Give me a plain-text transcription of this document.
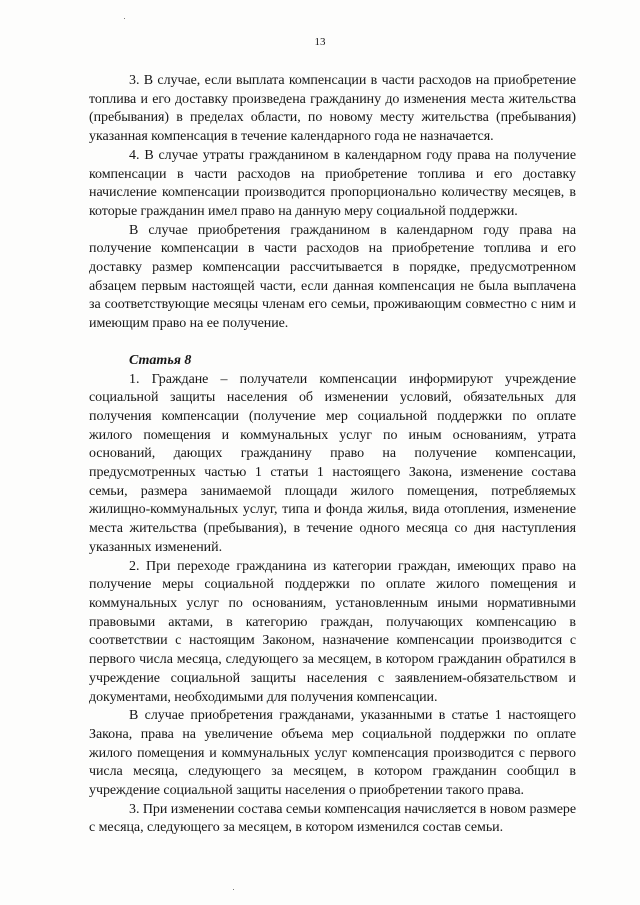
13

3. В случае, если выплата компенсации в части расходов на приобретение топлива и его доставку произведена гражданину до изменения места жительства (пребывания) в пределах области, по новому месту жительства (пребывания) указанная компенсация в течение календарного года не назначается.

4. В случае утраты гражданином в календарном году права на получение компенсации в части расходов на приобретение топлива и его доставку начисление компенсации производится пропорционально количеству месяцев, в которые гражданин имел право на данную меру социальной поддержки.

В случае приобретения гражданином в календарном году права на получение компенсации в части расходов на приобретение топлива и его доставку размер компенсации рассчитывается в порядке, предусмотренном абзацем первым настоящей части, если данная компенсация не была выплачена за соответствующие месяцы членам его семьи, проживающим совместно с ним и имеющим право на ее получение.

Статья 8

1. Граждане – получатели компенсации информируют учреждение социальной защиты населения об изменении условий, обязательных для получения компенсации (получение мер социальной поддержки по оплате жилого помещения и коммунальных услуг по иным основаниям, утрата оснований, дающих гражданину право на получение компенсации, предусмотренных частью 1 статьи 1 настоящего Закона, изменение состава семьи, размера занимаемой площади жилого помещения, потребляемых жилищно-коммунальных услуг, типа и фонда жилья, вида отопления, изменение места жительства (пребывания), в течение одного месяца со дня наступления указанных изменений.

2. При переходе гражданина из категории граждан, имеющих право на получение меры социальной поддержки по оплате жилого помещения и коммунальных услуг по основаниям, установленным иными нормативными правовыми актами, в категорию граждан, получающих компенсацию в соответствии с настоящим Законом, назначение компенсации производится с первого числа месяца, следующего за месяцем, в котором гражданин обратился в учреждение социальной защиты населения с заявлением-обязательством и документами, необходимыми для получения компенсации.

В случае приобретения гражданами, указанными в статье 1 настоящего Закона, права на увеличение объема мер социальной поддержки по оплате жилого помещения и коммунальных услуг компенсация производится с первого числа месяца, следующего за месяцем, в котором гражданин сообщил в учреждение социальной защиты населения о приобретении такого права.

3. При изменении состава семьи компенсация начисляется в новом размере с месяца, следующего за месяцем, в котором изменился состав семьи.
